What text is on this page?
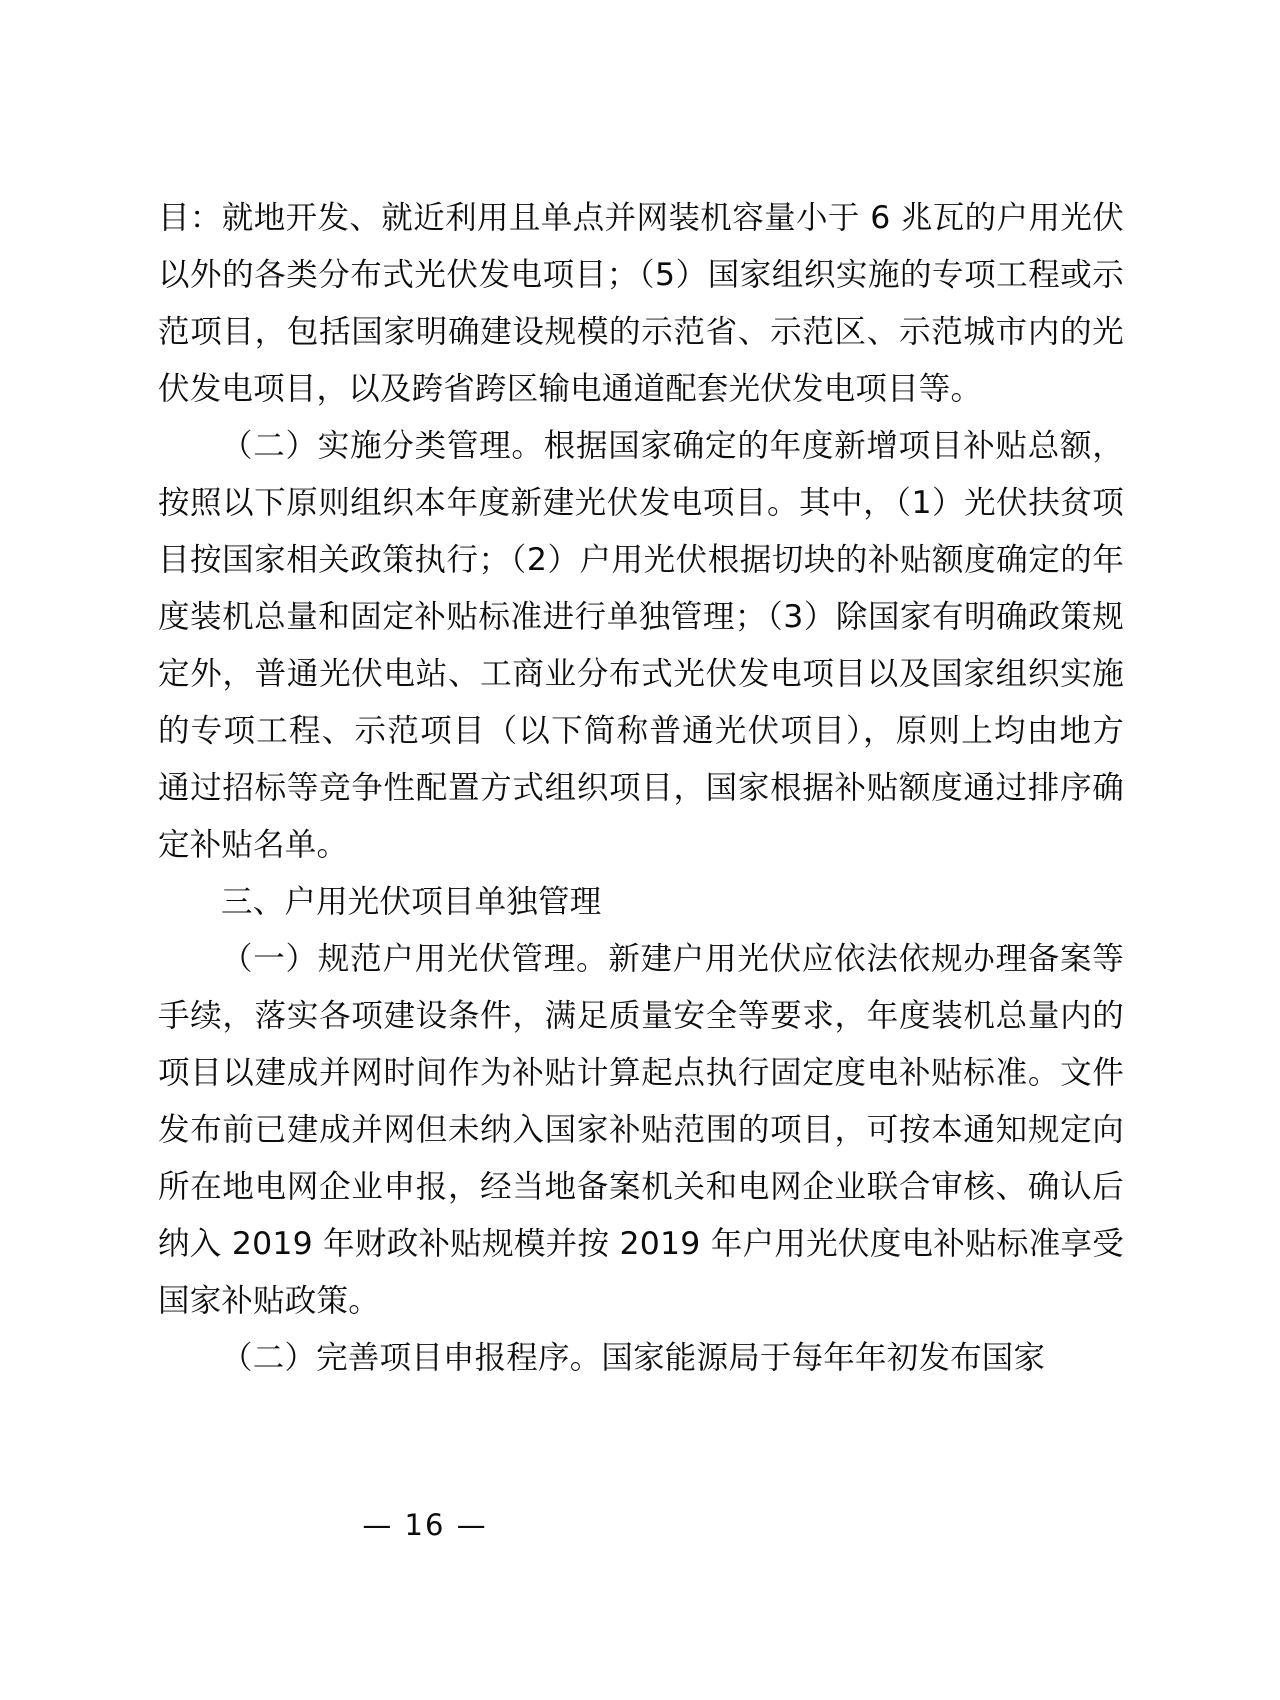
目：就地开发、就近利用且单点并网装机容量小于 6 兆瓦的户用光伏以外的各类分布式光伏发电项目；（5）国家组织实施的专项工程或示范项目，包括国家明确建设规模的示范省、示范区、示范城市内的光伏发电项目，以及跨省跨区输电通道配套光伏发电项目等。

（二）实施分类管理。根据国家确定的年度新增项目补贴总额，按照以下原则组织本年度新建光伏发电项目。其中，（1）光伏扶贫项目按国家相关政策执行；（2）户用光伏根据切块的补贴额度确定的年度装机总量和固定补贴标准进行单独管理；（3）除国家有明确政策规定外，普通光伏电站、工商业分布式光伏发电项目以及国家组织实施的专项工程、示范项目（以下简称普通光伏项目），原则上均由地方通过招标等竞争性配置方式组织项目，国家根据补贴额度通过排序确定补贴名单。

三、户用光伏项目单独管理

（一）规范户用光伏管理。新建户用光伏应依法依规办理备案等手续，落实各项建设条件，满足质量安全等要求，年度装机总量内的项目以建成并网时间作为补贴计算起点执行固定度电补贴标准。文件发布前已建成并网但未纳入国家补贴范围的项目，可按本通知规定向所在地电网企业申报，经当地备案机关和电网企业联合审核、确认后纳入 2019 年财政补贴规模并按 2019 年户用光伏度电补贴标准享受国家补贴政策。

（二）完善项目申报程序。国家能源局于每年年初发布国家

— 16 —
